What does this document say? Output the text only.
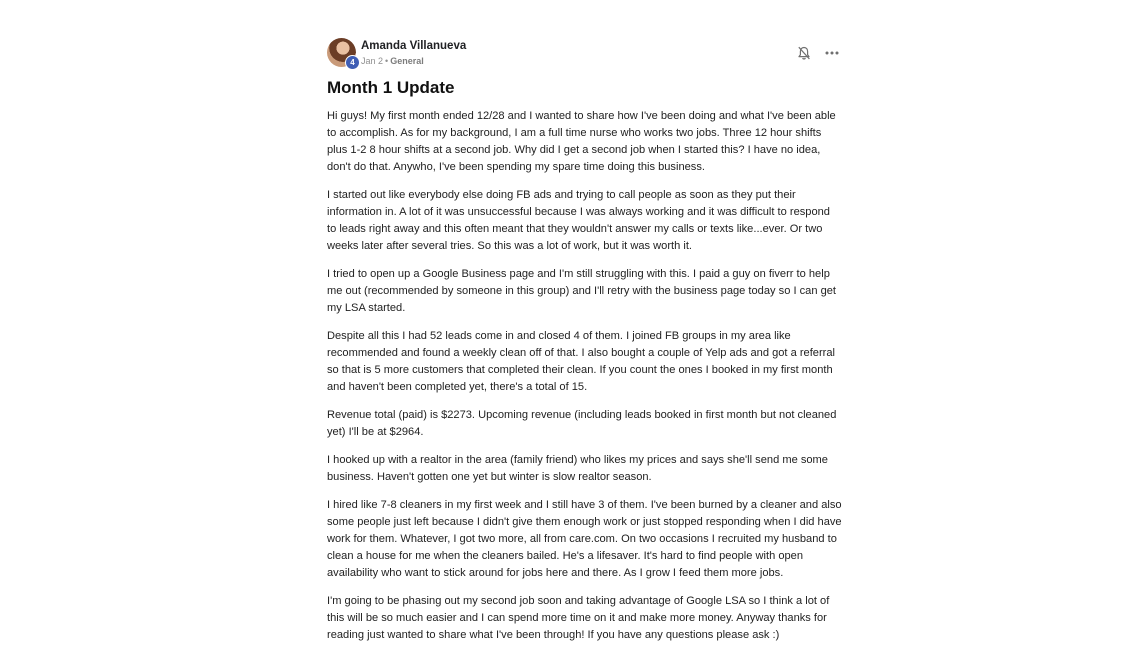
4
Amanda Villanueva
Jan 2 • General
Month 1 Update

Hi guys! My first month ended 12/28 and I wanted to share how I've been doing and what I've been able to accomplish. As for my background, I am a full time nurse who works two jobs. Three 12 hour shifts plus 1-2 8 hour shifts at a second job. Why did I get a second job when I started this? I have no idea, don't do that. Anywho, I've been spending my spare time doing this business.

I started out like everybody else doing FB ads and trying to call people as soon as they put their information in. A lot of it was unsuccessful because I was always working and it was difficult to respond to leads right away and this often meant that they wouldn't answer my calls or texts like...ever. Or two weeks later after several tries. So this was a lot of work, but it was worth it.

I tried to open up a Google Business page and I'm still struggling with this. I paid a guy on fiverr to help me out (recommended by someone in this group) and I'll retry with the business page today so I can get my LSA started.

Despite all this I had 52 leads come in and closed 4 of them. I joined FB groups in my area like recommended and found a weekly clean off of that. I also bought a couple of Yelp ads and got a referral so that is 5 more customers that completed their clean. If you count the ones I booked in my first month and haven't been completed yet, there's a total of 15.

Revenue total (paid) is $2273. Upcoming revenue (including leads booked in first month but not cleaned yet) I'll be at $2964.

I hooked up with a realtor in the area (family friend) who likes my prices and says she'll send me some business. Haven't gotten one yet but winter is slow realtor season.

I hired like 7-8 cleaners in my first week and I still have 3 of them. I've been burned by a cleaner and also some people just left because I didn't give them enough work or just stopped responding when I did have work for them. Whatever, I got two more, all from care.com. On two occasions I recruited my husband to clean a house for me when the cleaners bailed. He's a lifesaver. It's hard to find people with open availability who want to stick around for jobs here and there. As I grow I feed them more jobs.

I'm going to be phasing out my second job soon and taking advantage of Google LSA so I think a lot of this will be so much easier and I can spend more time on it and make more money. Anyway thanks for reading just wanted to share what I've been through! If you have any questions please ask :)
